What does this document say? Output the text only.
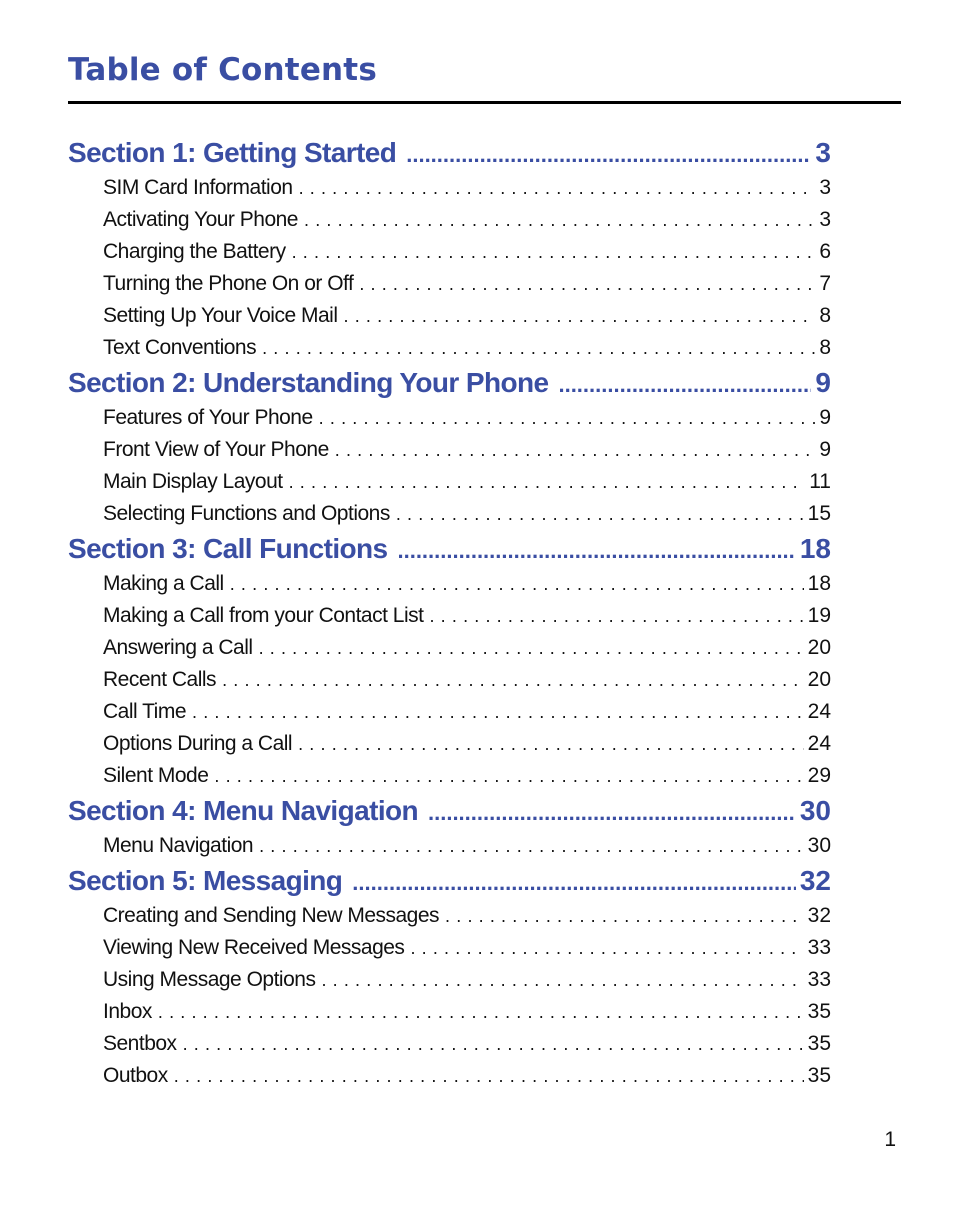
Table of Contents
Section 1: Getting Started .....	3
SIM Card Information .....	3
Activating Your Phone .....	3
Charging the Battery .....	6
Turning the Phone On or Off .....	7
Setting Up Your Voice Mail .....	8
Text Conventions .....	8
Section 2: Understanding Your Phone .....	9
Features of Your Phone .....	9
Front View of Your Phone .....	9
Main Display Layout .....	11
Selecting Functions and Options .....	15
Section 3: Call Functions .....	18
Making a Call .....	18
Making a Call from your Contact List .....	19
Answering a Call .....	20
Recent Calls .....	20
Call Time .....	24
Options During a Call .....	24
Silent Mode .....	29
Section 4: Menu Navigation .....	30
Menu Navigation .....	30
Section 5: Messaging .....	32
Creating and Sending New Messages .....	32
Viewing New Received Messages .....	33
Using Message Options .....	33
Inbox .....	35
Sentbox .....	35
Outbox .....	35
1
